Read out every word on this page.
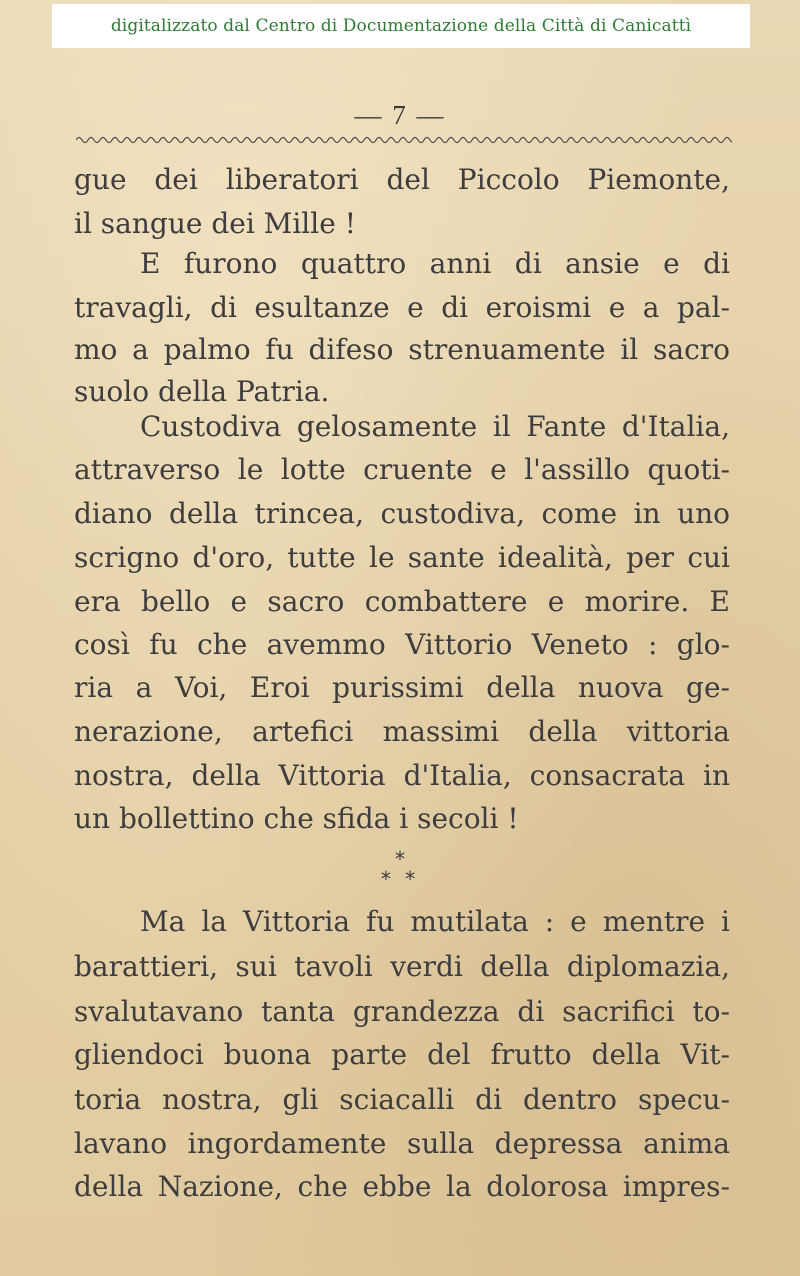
digitalizzato dal Centro di Documentazione della Città di Canicattì
— 7 —
gue dei liberatori del Piccolo Piemonte,
il sangue dei Mille !
E furono quattro anni di ansie e di
travagli, di esultanze e di eroismi e a pal-
mo a palmo fu difeso strenuamente il sacro
suolo della Patria.
Custodiva gelosamente il Fante d'Italia,
attraverso le lotte cruente e l'assillo quoti-
diano della trincea, custodiva, come in uno
scrigno d'oro, tutte le sante idealità, per cui
era bello e sacro combattere e morire. E
così fu che avemmo Vittorio Veneto : glo-
ria a Voi, Eroi purissimi della nuova ge-
nerazione, artefici massimi della vittoria
nostra, della Vittoria d'Italia, consacrata in
un bollettino che sfida i secoli !
*
* *
Ma la Vittoria fu mutilata : e mentre i
barattieri, sui tavoli verdi della diplomazia,
svalutavano tanta grandezza di sacrifici to-
gliendoci buona parte del frutto della Vit-
toria nostra, gli sciacalli di dentro specu-
lavano ingordamente sulla depressa anima
della Nazione, che ebbe la dolorosa impres-
